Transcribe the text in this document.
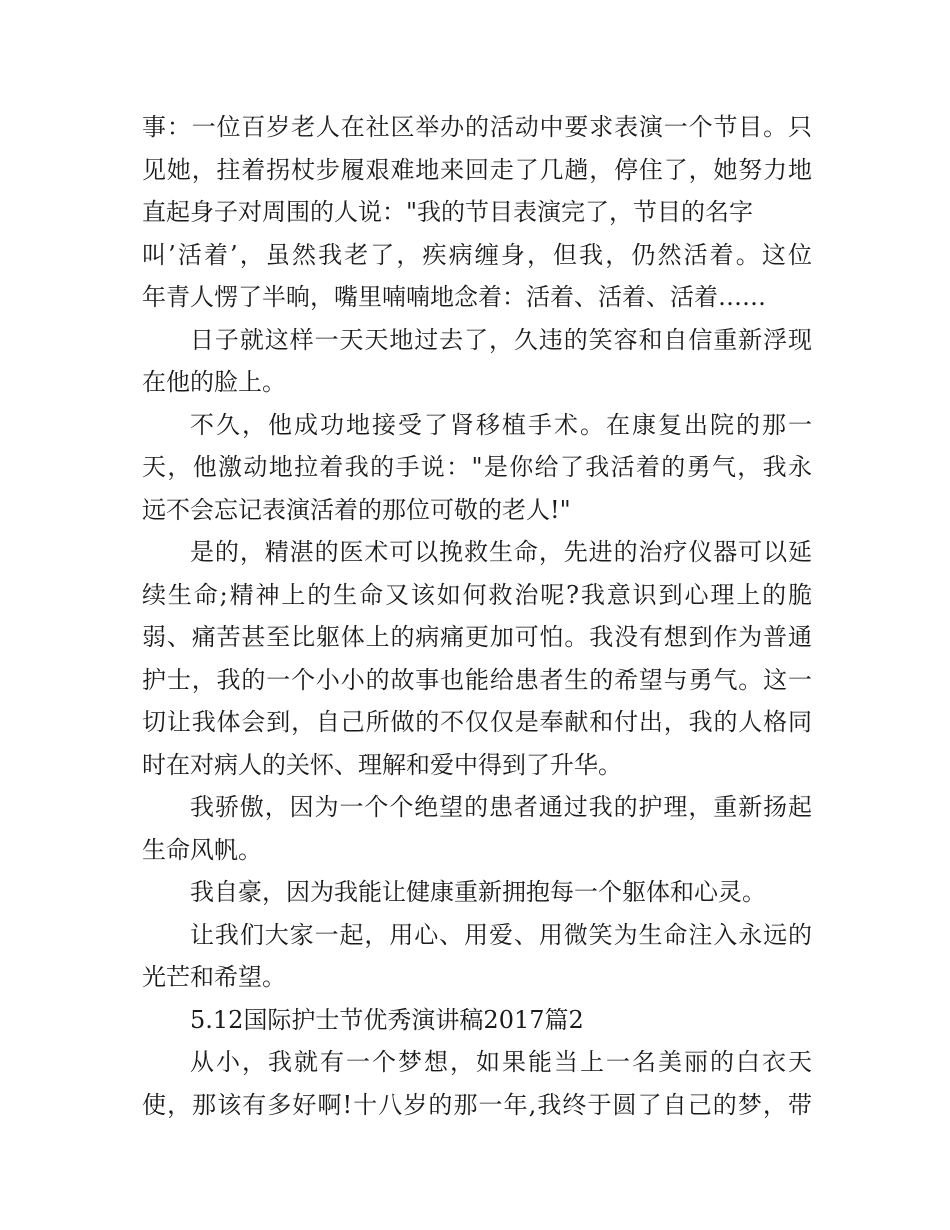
事：一位百岁老人在社区举办的活动中要求表演一个节目。只
见她，拄着拐杖步履艰难地来回走了几趟，停住了，她努力地
直起身子对周围的人说："我的节目表演完了，节目的名字
叫’活着’，虽然我老了，疾病缠身，但我，仍然活着。这位
年青人愣了半晌，嘴里喃喃地念着：活着、活着、活着……
日子就这样一天天地过去了，久违的笑容和自信重新浮现
在他的脸上。
不久，他成功地接受了肾移植手术。在康复出院的那一
天，他激动地拉着我的手说："是你给了我活着的勇气，我永
远不会忘记表演活着的那位可敬的老人!"
是的，精湛的医术可以挽救生命，先进的治疗仪器可以延
续生命;精神上的生命又该如何救治呢?我意识到心理上的脆
弱、痛苦甚至比躯体上的病痛更加可怕。我没有想到作为普通
护士，我的一个小小的故事也能给患者生的希望与勇气。这一
切让我体会到，自己所做的不仅仅是奉献和付出，我的人格同
时在对病人的关怀、理解和爱中得到了升华。
我骄傲，因为一个个绝望的患者通过我的护理，重新扬起
生命风帆。
我自豪，因为我能让健康重新拥抱每一个躯体和心灵。
让我们大家一起，用心、用爱、用微笑为生命注入永远的
光芒和希望。
5.12国际护士节优秀演讲稿2017篇2
从小，我就有一个梦想，如果能当上一名美丽的白衣天
使，那该有多好啊!十八岁的那一年,我终于圆了自己的梦，带
